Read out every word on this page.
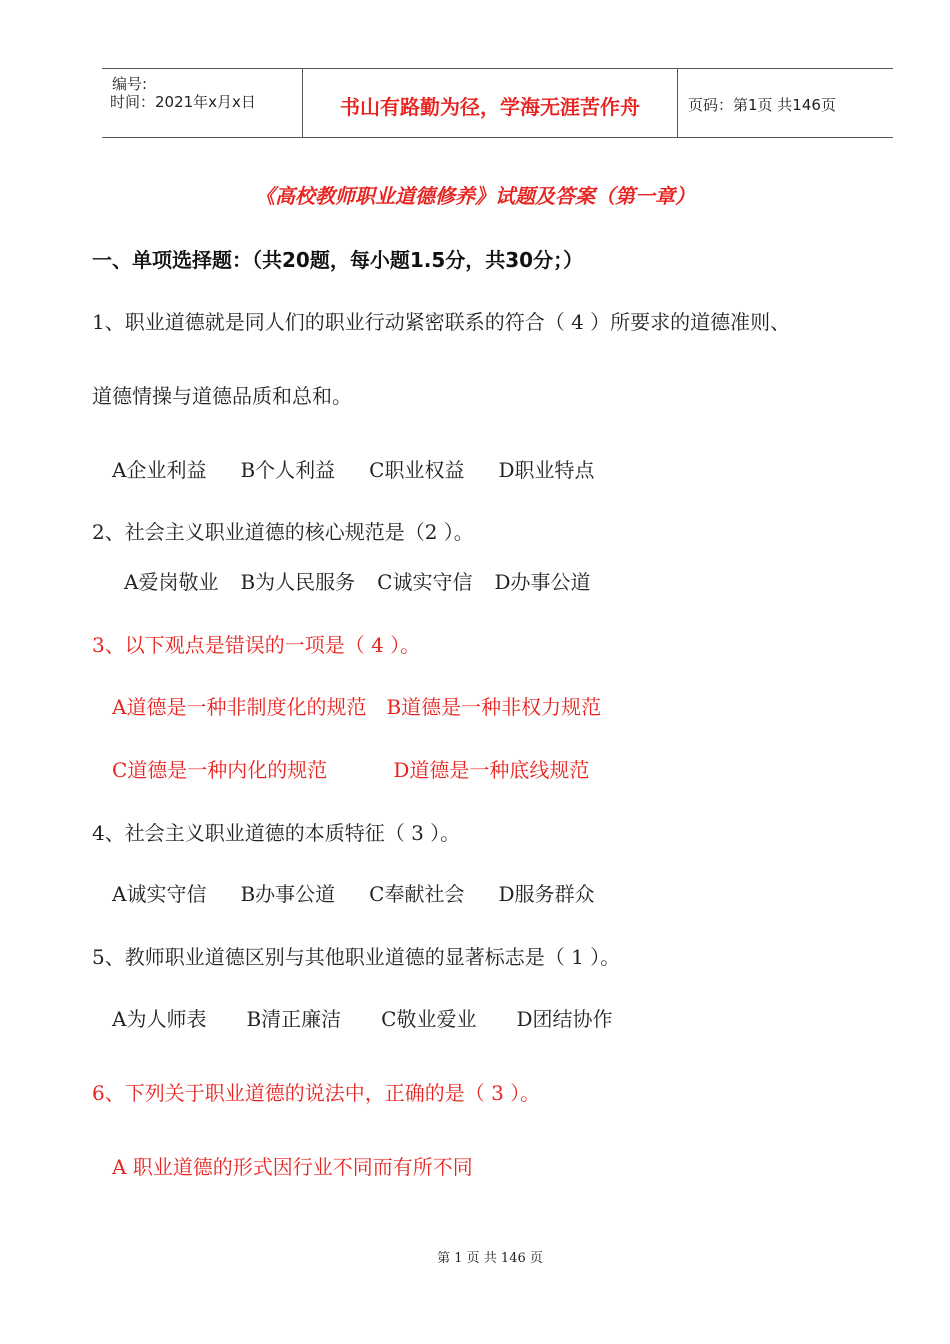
编号:
时间：2021年x月x日	书山有路勤为径，学海无涯苦作舟	页码：第1页 共146页
《高校教师职业道德修养》试题及答案（第一章）
一、单项选择题：（共20题，每小题1.5分，共30分；）
1、职业道德就是同人们的职业行动紧密联系的符合（ 4 ）所要求的道德准则、
道德情操与道德品质和总和。
A企业利益 B个人利益 C职业权益 D职业特点
2、社会主义职业道德的核心规范是（2 ）。
A爱岗敬业 B为人民服务 C诚实守信 D办事公道
3、以下观点是错误的一项是（ 4 ）。
A道德是一种非制度化的规范 B道德是一种非权力规范
C道德是一种内化的规范	D道德是一种底线规范
4、社会主义职业道德的本质特征（ 3 ）。
A诚实守信 B办事公道 C奉献社会 D服务群众
5、教师职业道德区别与其他职业道德的显著标志是（ 1 ）。
A为人师表 B清正廉洁 C敬业爱业 D团结协作
6、下列关于职业道德的说法中，正确的是（ 3 ）。
A 职业道德的形式因行业不同而有所不同
第 1 页 共 146 页
